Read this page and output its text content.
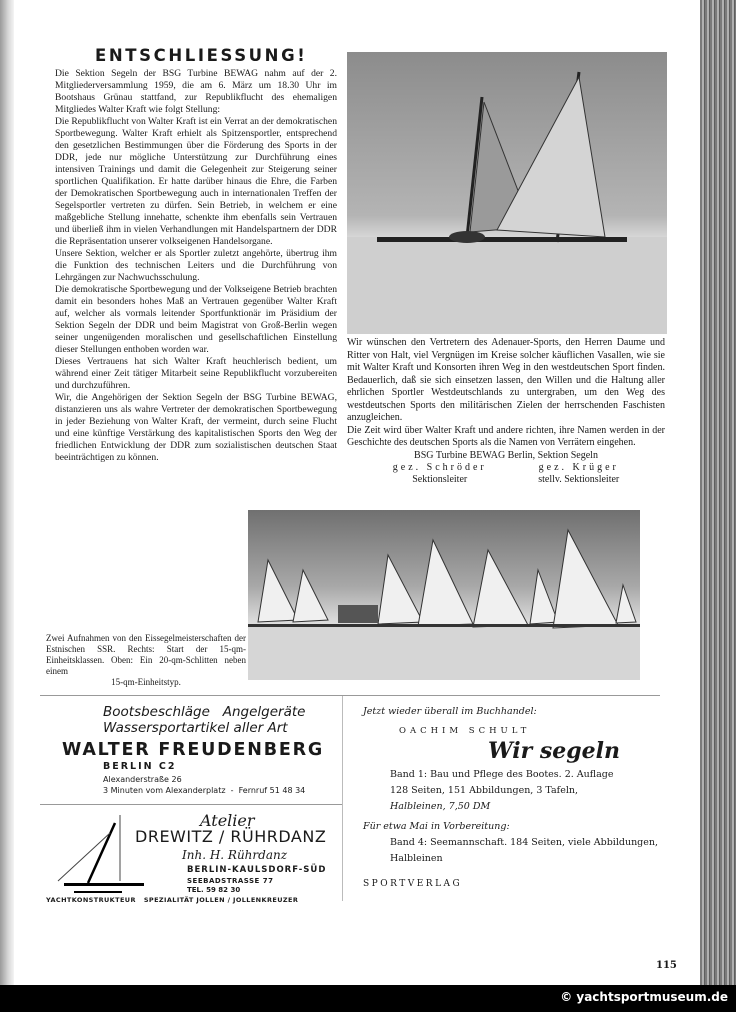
ENTSCHLIESSUNG!

Die Sektion Segeln der BSG Turbine BEWAG nahm auf der 2. Mitgliederversammlung 1959, die am 6. März um 18.30 Uhr im Bootshaus Grünau stattfand, zur Republikflucht des ehemaligen Mitgliedes Walter Kraft wie folgt Stellung:

Die Republikflucht von Walter Kraft ist ein Verrat an der demokratischen Sportbewegung. Walter Kraft erhielt als Spitzensportler, entsprechend den gesetzlichen Bestimmungen über die Förderung des Sports in der DDR, jede nur mögliche Unterstützung zur Durchführung eines intensiven Trainings und damit die Gelegenheit zur Steigerung seiner sportlichen Qualifikation. Er hatte darüber hinaus die Ehre, die Farben der Demokratischen Sportbewegung auch in internationalen Treffen der Segelsportler vertreten zu dürfen. Sein Betrieb, in welchem er eine maßgebliche Stellung innehatte, schenkte ihm ebenfalls sein Vertrauen und überließ ihm in vielen Verhandlungen mit Handelspartnern der DDR die Repräsentation unserer volkseigenen Handelsorgane.

Unsere Sektion, welcher er als Sportler zuletzt angehörte, übertrug ihm die Funktion des technischen Leiters und die Durchführung von Lehrgängen zur Nachwuchsschulung.

Die demokratische Sportbewegung und der Volkseigene Betrieb brachten damit ein besonders hohes Maß an Vertrauen gegenüber Walter Kraft auf, welcher als vormals leitender Sportfunktionär im Präsidium der Sektion Segeln der DDR und beim Magistrat von Groß-Berlin wegen seiner ungenügenden moralischen und gesellschaftlichen Einstellung dieser Stellungen enthoben worden war.

Dieses Vertrauens hat sich Walter Kraft heuchlerisch bedient, um während einer Zeit tätiger Mitarbeit seine Republikflucht vorzubereiten und durchzuführen.

Wir, die Angehörigen der Sektion Segeln der BSG Turbine BEWAG, distanzieren uns als wahre Vertreter der demokratischen Sportbewegung in jeder Beziehung von Walter Kraft, der vermeint, durch seine Flucht und eine künftige Verstärkung des kapitalistischen Sports den Weg der friedlichen Entwicklung der DDR zum sozialistischen deutschen Staat beeinträchtigen zu können.

Wir wünschen den Vertretern des Adenauer-Sports, den Herren Daume und Ritter von Halt, viel Vergnügen im Kreise solcher käuflichen Vasallen, wie sie mit Walter Kraft und Konsorten ihren Weg in den westdeutschen Sport finden. Bedauerlich, daß sie sich einsetzen lassen, den Willen und die Haltung aller ehrlichen Sportler Westdeutschlands zu untergraben, um den Weg des westdeutschen Sports den militärischen Zielen der herrschenden Faschisten anzugleichen.

Die Zeit wird über Walter Kraft und andere richten, ihre Namen werden in der Geschichte des deutschen Sports als die Namen von Verrätern eingehen.

BSG Turbine BEWAG Berlin, Sektion Segeln
gez. Schröder
Sektionsleiter
gez. Krüger
stellv. Sektionsleiter
Zwei Aufnahmen von den Eissegelmeisterschaften der Estnischen SSR. Rechts: Start der 15-qm-Einheitsklassen. Oben: Ein 20-qm-Schlitten neben einem
15-qm-Einheitstyp.
Bootsbeschläge   Angelgeräte
Wassersportartikel aller Art
WALTER FREUDENBERG
BERLIN C2
Alexanderstraße 26
3 Minuten vom Alexanderplatz  -  Fernruf 51 48 34
Atelier
DREWITZ / RÜHRDANZ
Inh. H. Rührdanz
BERLIN-KAULSDORF-SÜD
SEEBADSTRASSE 77
TEL. 59 82 30
YACHTKONSTRUKTEUR   SPEZIALITÄT JOLLEN / JOLLENKREUZER
Jetzt wieder überall im Buchhandel:
OACHIM SCHULT
Wir segeln
Band 1: Bau und Pflege des Bootes. 2. Auflage
128 Seiten, 151 Abbildungen, 3 Tafeln,
Halbleinen, 7,50 DM
Für etwa Mai in Vorbereitung:
Band 4: Seemannschaft. 184 Seiten, viele Abbildungen, Halbleinen
SPORTVERLAG
115
© yachtsportmuseum.de
